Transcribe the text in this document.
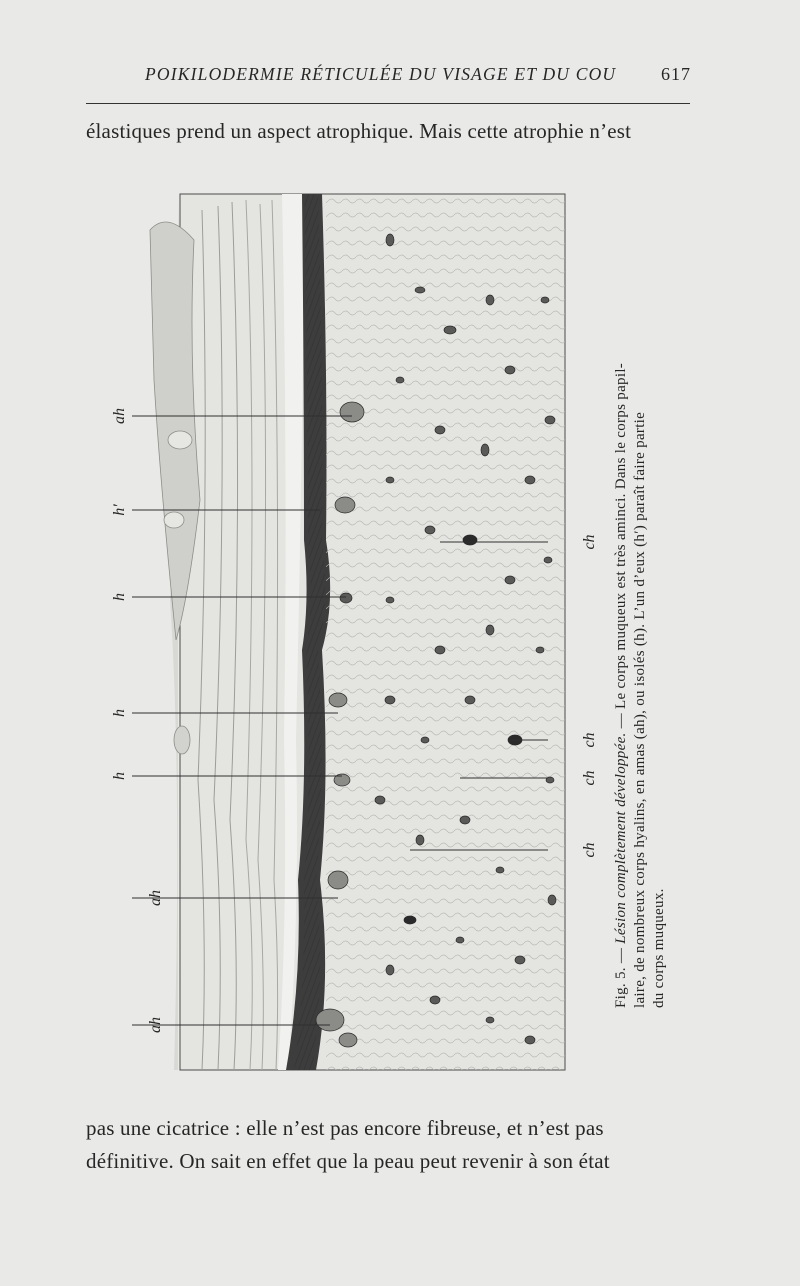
POIKILODERMIE RÉTICULÉE DU VISAGE ET DU COU 617
élastiques prend un aspect atrophique. Mais cette atrophie n’est
ah
h′
h
h
h
ah
ah
ch
ch
ch
ch
Fig. 5. — Lésion complètement développée. — Le corps muqueux est très aminci. Dans le corps papil- laire, de nombreux corps hyalins, en amas (ah), ou isolés (h). L’un d’eux (h′) paraît faire partie du corps muqueux.
pas une cicatrice : elle n’est pas encore fibreuse, et n’est pas
définitive. On sait en effet que la peau peut revenir à son état
